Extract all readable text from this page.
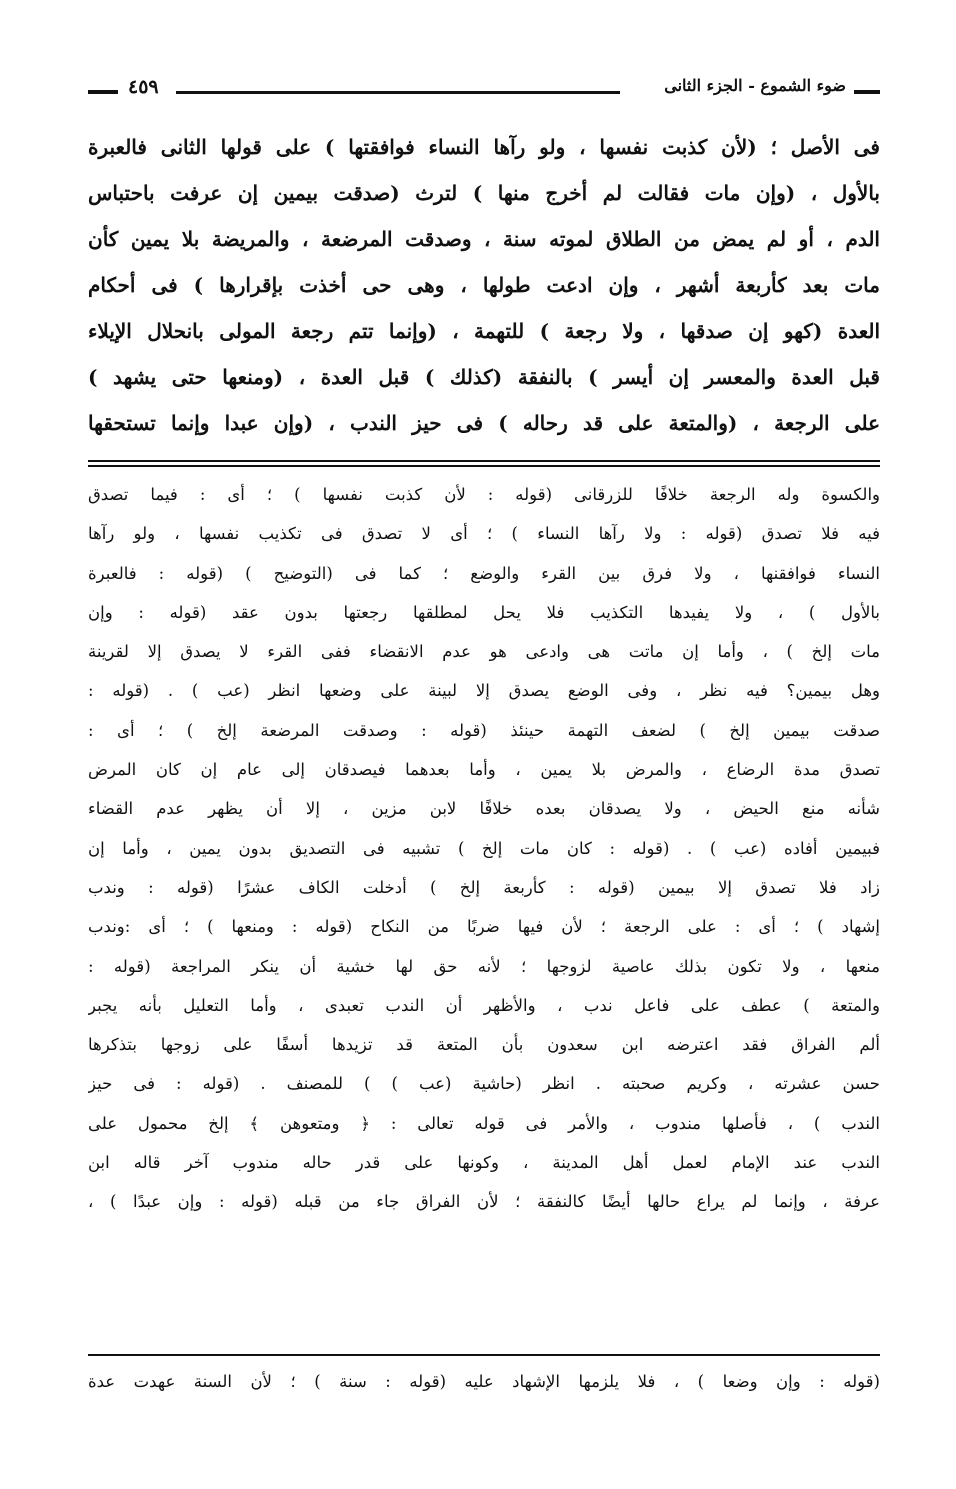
ضوء الشموع - الجزء الثانى
٤٥٩
فى الأصل ؛ (لأن كذبت نفسها ، ولو رآها النساء فوافقتها ) على قولها الثانى فالعبرة
بالأول ، (وإن مات فقالت لم أخرج منها ) لترث (صدقت بيمين إن عرفت باحتباس
الدم ، أو لم يمض من الطلاق لموته سنة ، وصدقت المرضعة ، والمريضة بلا يمين كأن
مات بعد كأربعة أشهر ، وإن ادعت طولها ، وهى حى أخذت بإقرارها ) فى أحكام
العدة (كهو إن صدقها ، ولا رجعة ) للتهمة ، (وإنما تتم رجعة المولى بانحلال الإيلاء
قبل العدة والمعسر إن أيسر ) بالنفقة (كذلك ) قبل العدة ، (ومنعها حتى يشهد )
على الرجعة ، (والمتعة على قد رحاله ) فى حيز الندب ، (وإن عبدا وإنما تستحقها
والكسوة وله الرجعة خلافًا للزرقانى (قوله : لأن كذبت نفسها ) ؛ أى : فيما تصدق
فيه فلا تصدق (قوله : ولا رآها النساء ) ؛ أى لا تصدق فى تكذيب نفسها ، ولو رآها
النساء فوافقنها ، ولا فرق بين القرء والوضع ؛ كما فى (التوضيح ) (قوله : فالعبرة
بالأول ) ، ولا يفيدها التكذيب فلا يحل لمطلقها رجعتها بدون عقد (قوله : وإن
مات إلخ ) ، وأما إن ماتت هى وادعى هو عدم الانقضاء ففى القرء لا يصدق إلا لقرينة
وهل بيمين؟ فيه نظر ، وفى الوضع يصدق إلا لبينة على وضعها انظر (عب ) . (قوله :
صدقت بيمين إلخ ) لضعف التهمة حينئذ (قوله : وصدقت المرضعة إلخ ) ؛ أى :
تصدق مدة الرضاع ، والمرض بلا يمين ، وأما بعدهما فيصدقان إلى عام إن كان المرض
شأنه منع الحيض ، ولا يصدقان بعده خلافًا لابن مزين ، إلا أن يظهر عدم القضاء
فبيمين أفاده (عب ) . (قوله : كان مات إلخ ) تشبيه فى التصديق بدون يمين ، وأما إن
زاد فلا تصدق إلا بيمين (قوله : كأربعة إلخ ) أدخلت الكاف عشرًا (قوله : وندب
إشهاد ) ؛ أى : على الرجعة ؛ لأن فيها ضربًا من النكاح (قوله : ومنعها ) ؛ أى :وندب
منعها ، ولا تكون بذلك عاصية لزوجها ؛ لأنه حق لها خشية أن ينكر المراجعة (قوله :
والمتعة ) عطف على فاعل ندب ، والأظهر أن الندب تعبدى ، وأما التعليل بأنه يجبر
ألم الفراق فقد اعترضه ابن سعدون بأن المتعة قد تزيدها أسفًا على زوجها بتذكرها
حسن عشرته ، وكريم صحبته . انظر (حاشية (عب ) ) للمصنف . (قوله : فى حيز
الندب ) ، فأصلها مندوب ، والأمر فى قوله تعالى : ﴿ ومتعوهن ﴾ إلخ محمول على
الندب عند الإمام لعمل أهل المدينة ، وكونها على قدر حاله مندوب آخر قاله ابن
عرفة ، وإنما لم يراع حالها أيضًا كالنفقة ؛ لأن الفراق جاء من قبله (قوله : وإن عبدًا ) ،
(قوله : وإن وضعا ) ، فلا يلزمها الإشهاد عليه (قوله : سنة ) ؛ لأن السنة عهدت عدة
